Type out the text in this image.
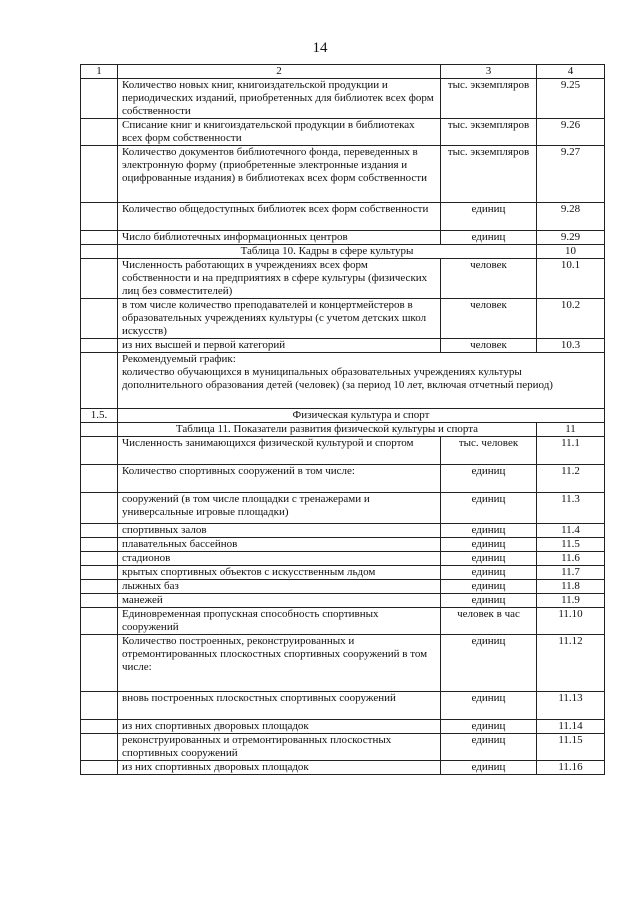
14
1	2	3	4
	Количество новых книг, книгоиздательской продукции и периодических изданий, приобретенных для библиотек всех форм собственности	тыс. экземпляров	9.25
	Списание книг и книгоиздательской продукции в библиотеках всех форм собственности	тыс. экземпляров	9.26
	Количество документов библиотечного фонда, переведенных в электронную форму (приобретенные электронные издания и оцифрованные издания) в библиотеках всех форм собственности	тыс. экземпляров	9.27
	Количество общедоступных библиотек всех форм собственности	единиц	9.28
	Число библиотечных информационных центров	единиц	9.29
	Таблица 10. Кадры в сфере культуры		10
	Численность работающих в учреждениях всех форм собственности и на предприятиях в сфере культуры (физических лиц без совместителей)	человек	10.1
	в том числе количество преподавателей и концертмейстеров в образовательных учреждениях культуры (с учетом детских школ искусств)	человек	10.2
	из них высшей и первой категорий	человек	10.3

	Рекомендуемый график:
количество обучающихся в муниципальных образовательных учреждениях культуры дополнительного образования детей (человек) (за период 10 лет, включая отчетный период)		

1.5.	Физическая культура и спорт		
	Таблица 11. Показатели развития физической культуры и спорта		11
	Численность занимающихся физической культурой и спортом	тыс. человек	11.1
	Количество спортивных сооружений в том числе:	единиц	11.2
	сооружений (в том числе площадки с тренажерами и универсальные игровые площадки)	единиц	11.3
	спортивных залов	единиц	11.4
	плавательных бассейнов	единиц	11.5
	стадионов	единиц	11.6
	крытых спортивных объектов с искусственным льдом	единиц	11.7
	лыжных баз	единиц	11.8
	манежей	единиц	11.9
	Единовременная пропускная способность спортивных сооружений	человек в час	11.10
	Количество построенных, реконструированных и отремонтированных плоскостных спортивных сооружений в том числе:	единиц	11.12
	вновь построенных плоскостных спортивных сооружений	единиц	11.13
	из них спортивных дворовых площадок	единиц	11.14
	реконструированных и отремонтированных плоскостных спортивных сооружений	единиц	11.15
	из них спортивных дворовых площадок	единиц	11.16
